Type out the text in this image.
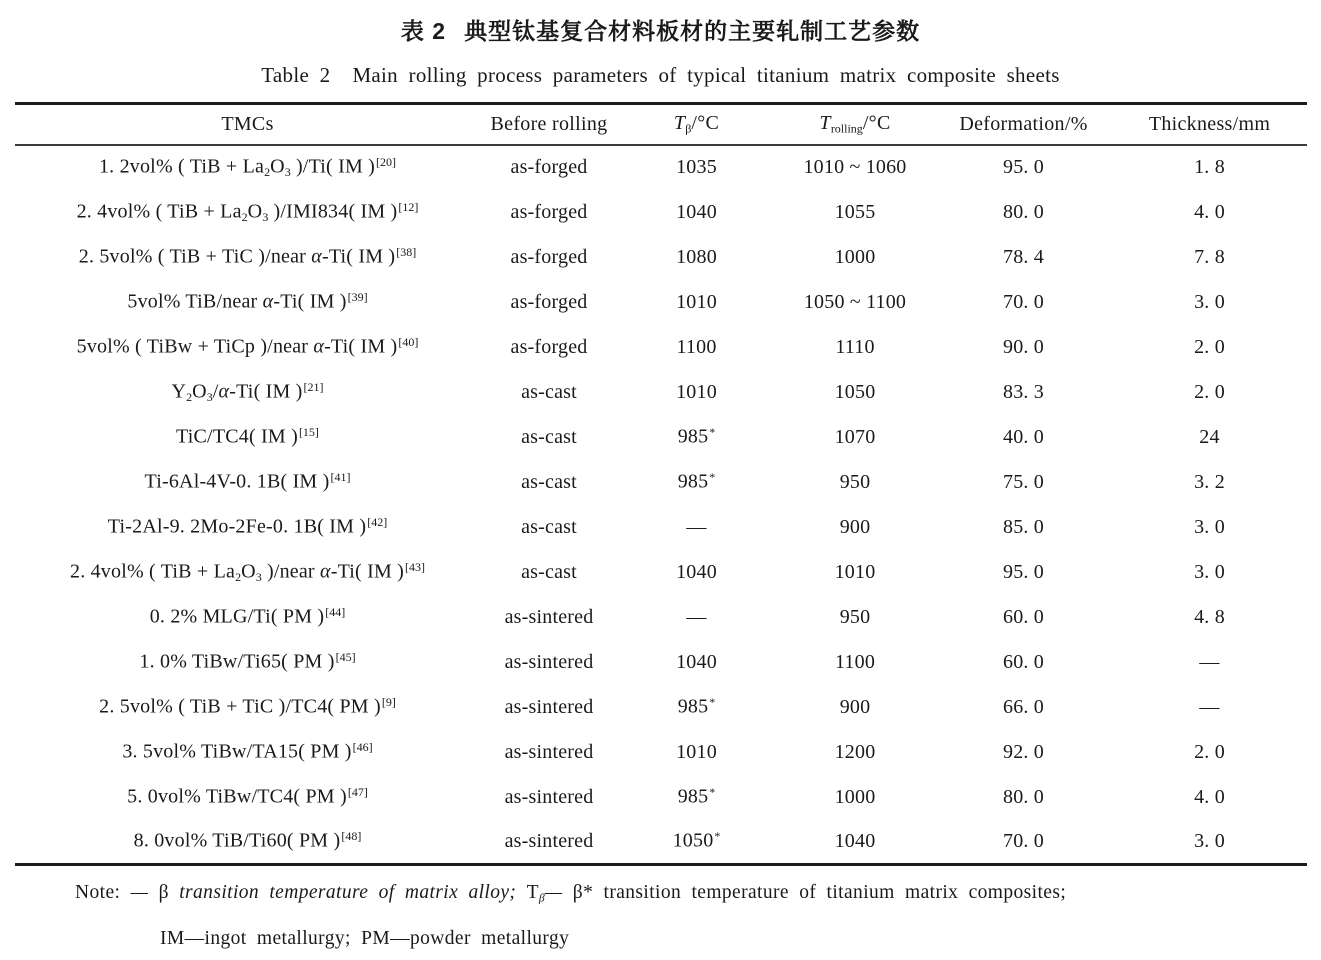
表 2 典型钛基复合材料板材的主要轧制工艺参数
Table 2 Main rolling process parameters of typical titanium matrix composite sheets
TMCs	Before rolling	$T_\beta/^\circ C$	$T_{rolling}/^\circ C$	Deformation/%	Thickness/mm
1. 2vol% ( TiB + $La_2O_3$ )/Ti( IM )[20]	as-forged	1035	1010 ~ 1060	95. 0	1. 8
2. 4vol% ( TiB + $La_2O_3$ )/IMI834( IM )[12]	as-forged	1040	1055	80. 0	4. 0
2. 5vol% ( TiB + TiC )/near α-Ti( IM )[38]	as-forged	1080	1000	78. 4	7. 8
5vol% TiB/near α-Ti( IM )[39]	as-forged	1010	1050 ~ 1100	70. 0	3. 0
5vol% ( TiBw + TiCp )/near α-Ti( IM )[40]	as-forged	1100	1110	90. 0	2. 0
$Y_2O_3/\alpha-Ti$( IM )[21]	as-cast	1010	1050	83. 3	2. 0
TiC/TC4( IM )[15]	as-cast	985*	1070	40. 0	24
Ti-6Al-4V-0. 1B( IM )[41]	as-cast	985*	950	75. 0	3. 2
Ti-2Al-9. 2Mo-2Fe-0. 1B( IM )[42]	as-cast	—	900	85. 0	3. 0
2. 4vol% ( TiB + $La_2O_3$ )/near α-Ti( IM )[43]	as-cast	1040	1010	95. 0	3. 0
0. 2% MLG/Ti( PM )[44]	as-sintered	—	950	60. 0	4. 8
1. 0% TiBw/Ti65( PM )[45]	as-sintered	1040	1100	60. 0	—
2. 5vol% ( TiB + TiC )/TC4( PM )[9]	as-sintered	985*	900	66. 0	—
3. 5vol% TiBw/TA15( PM )[46]	as-sintered	1010	1200	92. 0	2. 0
5. 0vol% TiBw/TC4( PM )[47]	as-sintered	985*	1000	80. 0	4. 0
8. 0vol% TiB/Ti60( PM )[48]	as-sintered	1050*	1040	70. 0	3. 0
Note: — β transition temperature of matrix alloy; $T_\beta—$ β* transition temperature of titanium matrix composites;
IM—ingot metallurgy; PM—powder metallurgy
